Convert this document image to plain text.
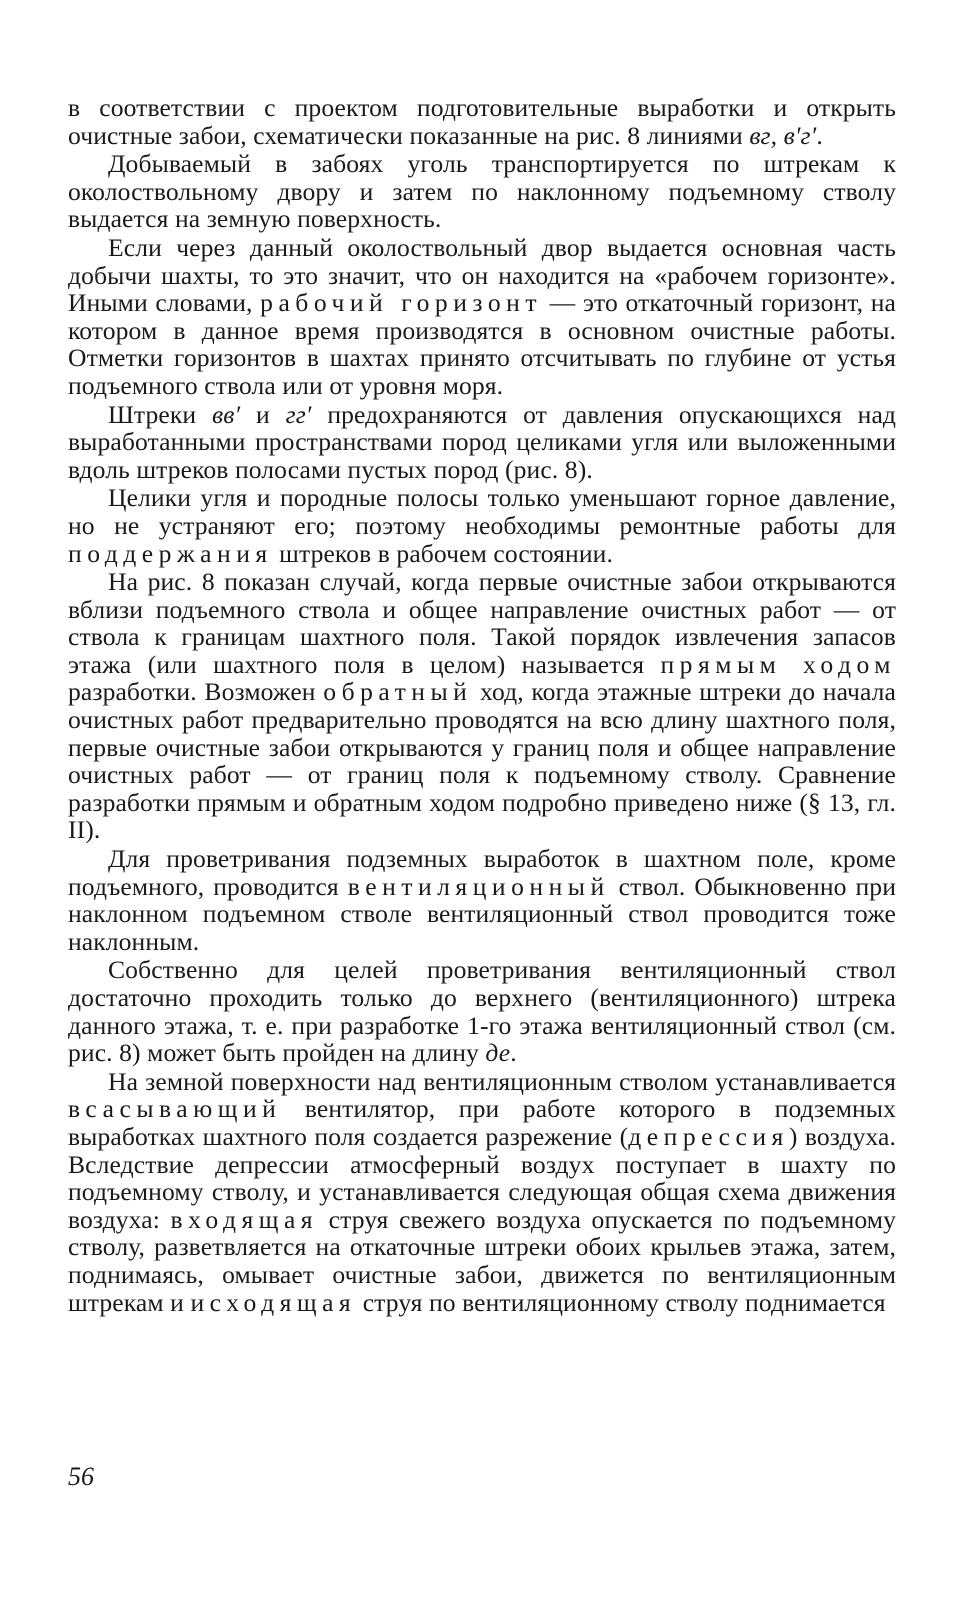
в соответствии с проектом подготовительные выработки и открыть очистные забои, схематически показанные на рис. 8 линиями вг, в′г′.

Добываемый в забоях уголь транспортируется по штрекам к околоствольному двору и затем по наклонному подъемному стволу выдается на земную поверхность.

Если через данный околоствольный двор выдается основная часть добычи шахты, то это значит, что он находится на «рабочем горизонте». Иными словами, рабочий горизонт — это откаточный горизонт, на котором в данное время производятся в основном очистные работы. Отметки горизонтов в шахтах принято отсчитывать по глубине от устья подъемного ствола или от уровня моря.

Штреки вв′ и гг′ предохраняются от давления опускающихся над выработанными пространствами пород целиками угля или выложенными вдоль штреков полосами пустых пород (рис. 8).

Целики угля и породные полосы только уменьшают горное давление, но не устраняют его; поэтому необходимы ремонтные работы для поддержания штреков в рабочем состоянии.

На рис. 8 показан случай, когда первые очистные забои открываются вблизи подъемного ствола и общее направление очистных работ — от ствола к границам шахтного поля. Такой порядок извлечения запасов этажа (или шахтного поля в целом) называется прямым ходом разработки. Возможен обратный ход, когда этажные штреки до начала очистных работ предварительно проводятся на всю длину шахтного поля, первые очистные забои открываются у границ поля и общее направление очистных работ — от границ поля к подъемному стволу. Сравнение разработки прямым и обратным ходом подробно приведено ниже (§ 13, гл. II).

Для проветривания подземных выработок в шахтном поле, кроме подъемного, проводится вентиляционный ствол. Обыкновенно при наклонном подъемном стволе вентиляционный ствол проводится тоже наклонным.

Собственно для целей проветривания вентиляционный ствол достаточно проходить только до верхнего (вентиляционного) штрека данного этажа, т. е. при разработке 1-го этажа вентиляционный ствол (см. рис. 8) может быть пройден на длину де.

На земной поверхности над вентиляционным стволом устанавливается всасывающий вентилятор, при работе которого в подземных выработках шахтного поля создается разрежение (депрессия) воздуха. Вследствие депрессии атмосферный воздух поступает в шахту по подъемному стволу, и устанавливается следующая общая схема движения воздуха: входящая струя свежего воздуха опускается по подъемному стволу, разветвляется на откаточные штреки обоих крыльев этажа, затем, поднимаясь, омывает очистные забои, движется по вентиляционным штрекам и исходящая струя по вентиляционному стволу поднимается

56
